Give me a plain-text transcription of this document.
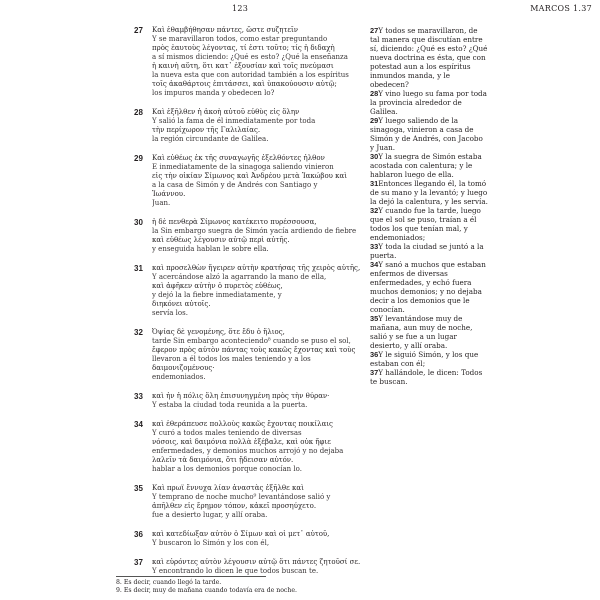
123	MARCOS 1.37
27 Καὶ ἐθαμβήθησαν πάντες, ὥστε συζητεῖν
Y se maravillaron todos, como estar preguntando
πρὸς ἑαυτοὺς λέγοντας, τί ἐστι τοῦτο; τίς ἡ διδαχὴ
a sí mismos diciendo: ¿Qué es esto? ¿Qué la enseñanza
ἡ καινὴ αὕτη, ὅτι κατ᾽ ἐξουσίαν καὶ τοῖς πνεύμασι
la nueva esta que con autoridad también a los espíritus
τοῖς ἀκαθάρτοις ἐπιτάσσει, καὶ ὑπακούουσιν αὐτῷ;
los impuros manda y obedecen lo?
28 Καὶ ἐξῆλθεν ἡ ἀκοὴ αὐτοῦ εὐθὺς εἰς ὅλην
Y salió la fama de él inmediatamente por toda
τὴν περίχωρον τῆς Γαλιλαίας.
la región circundante de Galilea.
29 Καὶ εὐθέως ἐκ τῆς συναγωγῆς ἐξελθόντες ἦλθον
E inmediatamente de la sinagoga saliendo vinieron
εἰς τὴν οἰκίαν Σίμωνος καὶ Ἀνδρέου μετὰ Ἰακώβου καὶ
a la casa de Simón y de Andrés con Santiago y
Ἰωάννου.
Juan.
30 ἡ δὲ πενθερὰ Σίμωνος κατέκειτο πυρέσσουσα,
la Sin embargo suegra de Simón yacía ardiendo de fiebre
καὶ εὐθέως λέγουσιν αὐτῷ περὶ αὐτῆς.
y enseguida hablan le sobre ella.
31 καὶ προσελθὼν ἤγειρεν αὐτὴν κρατήσας τῆς χειρὸς αὐτῆς,
Y acercándose alzó la agarrando la mano de ella,
καὶ ἀφῆκεν αὐτὴν ὁ πυρετὸς εὐθέως,
y dejó la la fiebre inmediatamente, y
διηκόνει αὐτοῖς.
servía los.
32 Ὀψίας δὲ γενομένης, ὅτε ἔδυ ὁ ἥλιος,
tarde Sin embargo aconteciendo⁸ cuando se puso el sol,
ἔφερον πρὸς αὐτὸν πάντας τοὺς κακῶς ἔχοντας καὶ τοὺς
llevaron a él todos los males teniendo y a los
δαιμονιζομένους·
endemoniados.
33 καὶ ἦν ἡ πόλις ὅλη ἐπισυνηγμένη πρὸς τὴν θύραν·
Y estaba la ciudad toda reunida a la puerta.
34 καὶ ἐθεράπευσε πολλοὺς κακῶς ἔχοντας ποικίλαις
Y curó a todos males teniendo de diversas
νόσοις, καὶ δαιμόνια πολλὰ ἐξέβαλε, καὶ οὐκ ἤφιε
enfermedades, y demonios muchos arrojó y no dejaba
λαλεῖν τὰ δαιμόνια, ὅτι ᾔδεισαν αὐτόν.
hablar a los demonios porque conocían lo.
35 Καὶ πρωῒ ἔννυχα λίαν ἀναστὰς ἐξῆλθε καὶ
Y temprano de noche mucho⁹ levantándose salió y
ἀπῆλθεν εἰς ἔρημον τόπον, κἀκεῖ προσηύχετο.
fue a desierto lugar, y allí oraba.
36 καὶ κατεδίωξαν αὐτὸν ὁ Σίμων καὶ οἱ μετ᾽ αὐτοῦ,
Y buscaron lo Simón y los con él,
37 καὶ εὑρόντες αὐτὸν λέγουσιν αὐτῷ ὅτι πάντες ζητοῦσί σε.
Y encontrando lo dicen le que todos buscan te.

27Y todos se maravillaron, de tal manera que discutían entre sí, diciendo: ¿Qué es esto? ¿Qué nueva doctrina es ésta, que con potestad aun a los espíritus inmundos manda, y le obedecen?

28Y vino luego su fama por toda la provincia alrededor de Galilea.

29Y luego saliendo de la sinagoga, vinieron a casa de Simón y de Andrés, con Jacobo y Juan.

30Y la suegra de Simón estaba acostada con calentura; y le hablaron luego de ella.

31Entonces llegando él, la tomó de su mano y la levantó; y luego la dejó la calentura, y les servía.

32Y cuando fue la tarde, luego que el sol se puso, traían a él todos los que tenían mal, y endemoniados;

33Y toda la ciudad se juntó a la puerta.

34Y sanó a muchos que estaban enfermos de diversas enfermedades, y echó fuera muchos demonios; y no dejaba decir a los demonios que le conocían.

35Y levantándose muy de mañana, aun muy de noche, salió y se fue a un lugar desierto, y allí oraba.

36Y le siguió Simón, y los que estaban con él;

37Y hallándole, le dicen: Todos te buscan.

8. Es decir, cuando llegó la tarde.
9. Es decir, muy de mañana cuando todavía era de noche.
